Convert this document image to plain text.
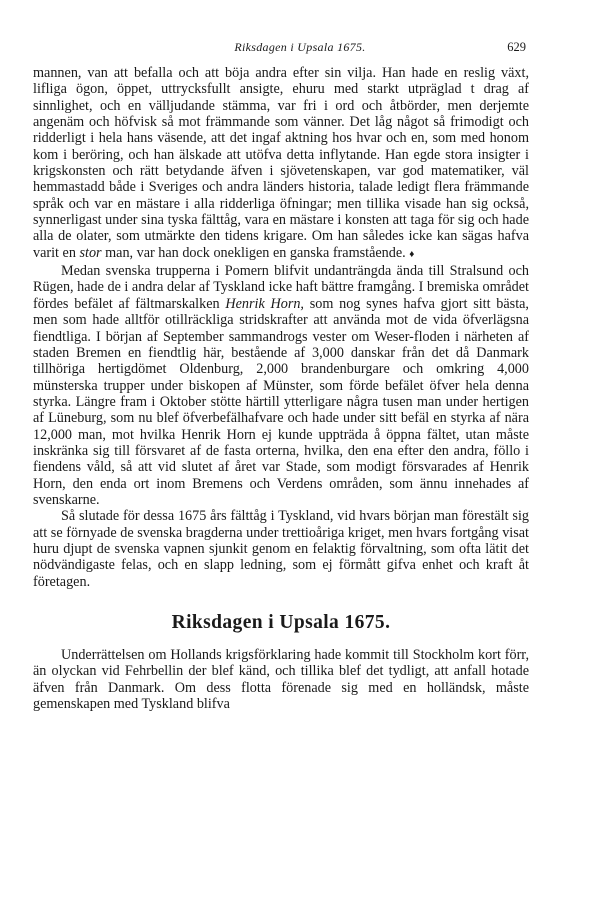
Riksdagen i Upsala 1675.	629

mannen, van att befalla och att böja andra efter sin vilja. Han hade en reslig växt, lifliga ögon, öppet, uttrycksfullt ansigte, ehuru med starkt utpräglad t drag af sinnlighet, och en välljudande stämma, var fri i ord och åtbörder, men derjemte angenäm och höfvisk så mot främmande som vänner. Det låg något så frimodigt och ridderligt i hela hans väsende, att det ingaf aktning hos hvar och en, som med honom kom i beröring, och han älskade att utöfva detta inflytande. Han egde stora insigter i krigskonsten och rätt betydande äfven i sjövetenskapen, var god matematiker, väl hemmastadd både i Sveriges och andra länders historia, talade ledigt flera främmande språk och var en mästare i alla ridderliga öfningar; men tillika visade han sig också, synnerligast under sina tyska fälttåg, vara en mästare i konsten att taga för sig och hade alla de olater, som utmärkte den tidens krigare. Om han således icke kan sägas hafva varit en stor man, var han dock onekligen en ganska framstående. ♦

Medan svenska trupperna i Pomern blifvit undanträngda ända till Stralsund och Rügen, hade de i andra delar af Tyskland icke haft bättre framgång. I bremiska området fördes befälet af fältmarskalken Henrik Horn, som nog synes hafva gjort sitt bästa, men som hade alltför otillräckliga stridskrafter att använda mot de vida öfverlägsna fiendtliga. I början af September sammandrogs vester om Weser-floden i närheten af staden Bremen en fiendtlig här, bestående af 3,000 danskar från det då Danmark tillhöriga hertigdömet Oldenburg, 2,000 brandenburgare och omkring 4,000 münsterska trupper under biskopen af Münster, som förde befälet öfver hela denna styrka. Längre fram i Oktober stötte härtill ytterligare några tusen man under hertigen af Lüneburg, som nu blef öfverbefälhafvare och hade under sitt befäl en styrka af nära 12,000 man, mot hvilka Henrik Horn ej kunde uppträda å öppna fältet, utan måste inskränka sig till försvaret af de fasta orterna, hvilka, den ena efter den andra, föllo i fiendens våld, så att vid slutet af året var Stade, som modigt försvarades af Henrik Horn, den enda ort inom Bremens och Verdens områden, som ännu innehades af svenskarne.

Så slutade för dessa 1675 års fälttåg i Tyskland, vid hvars början man förestält sig att se förnyade de svenska bragderna under trettioåriga kriget, men hvars fortgång visat huru djupt de svenska vapnen sjunkit genom en felaktig förvaltning, som ofta lätit det nödvändigaste felas, och en slapp ledning, som ej förmått gifva enhet och kraft åt företagen.

Riksdagen i Upsala 1675.

Underrättelsen om Hollands krigsförklaring hade kommit till Stockholm kort förr, än olyckan vid Fehrbellin der blef känd, och tillika blef det tydligt, att anfall hotade äfven från Danmark. Om dess flotta förenade sig med en holländsk, måste gemenskapen med Tyskland blifva
